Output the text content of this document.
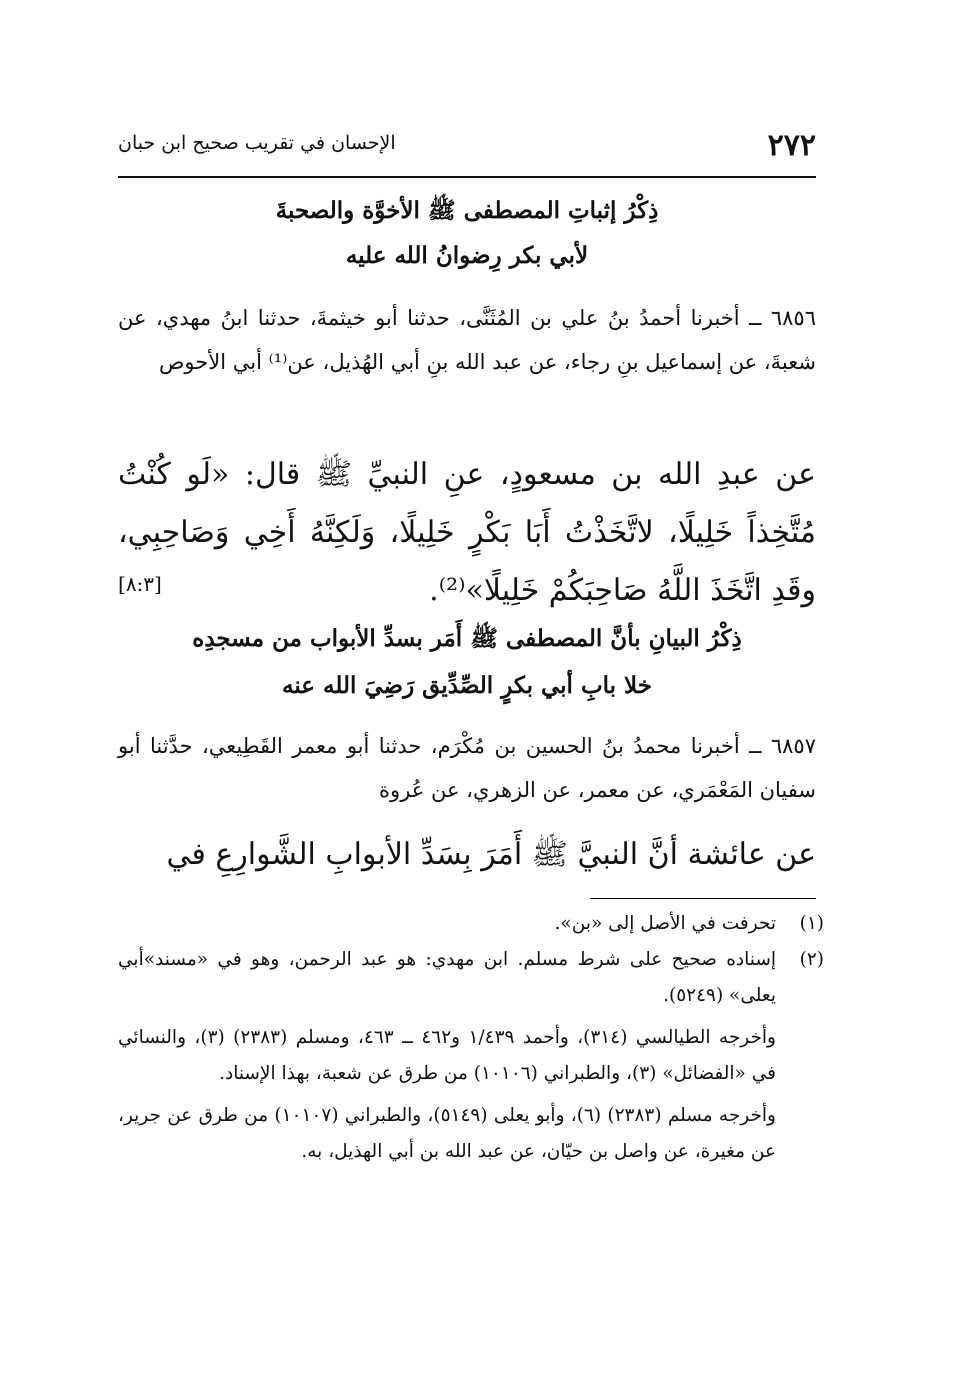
٢٧٢
الإحسان في تقريب صحيح ابن حبان
ذِكْرُ إثباتِ المصطفى ﷺ الأخوَّة والصحبةَ
لأبي بكر رِضوانُ الله عليه
٦٨٥٦ ــ أخبرنا أحمدُ بنُ علي بن المُثَنَّى، حدثنا أبو خيثمةَ، حدثنا ابنُ مهدي، عن شعبةَ، عن إسماعيل بنِ رجاء، عن عبد الله بنِ أبي الهُذيل، عن⁽¹⁾ أبي الأحوص
عن عبدِ الله بن مسعودٍ، عنِ النبيِّ ﷺ قال: «لَو كُنْتُ مُتَّخِذاً خَلِيلًا، لاتَّخَذْتُ أَبَا بَكْرٍ خَلِيلًا، وَلَكِنَّهُ أَخِي وَصَاحِبِي، وقَدِ اتَّخَذَ اللَّهُ صَاحِبَكُمْ خَلِيلًا»⁽²⁾.
[٨:٣]
ذِكْرُ البيانِ بأنَّ المصطفى ﷺ أَمَر بسدِّ الأبواب من مسجدِه
خلا بابِ أبي بكرٍ الصِّدِّيق رَضِيَ الله عنه
٦٨٥٧ ــ أخبرنا محمدُ بنُ الحسين بن مُكْرَم، حدثنا أبو معمر القَطِيعي، حدَّثنا أبو سفيان المَعْمَري، عن معمر، عن الزهري، عن عُروة
عن عائشة أنَّ النبيَّ ﷺ أَمَرَ بِسَدِّ الأبوابِ الشَّوارِعِ في
(١)
تحرفت في الأصل إلى «بن».
(٢)
إسناده صحيح على شرط مسلم. ابن مهدي: هو عبد الرحمن، وهو في «مسند»أبي يعلى» (٥٢٤٩).
وأخرجه الطيالسي (٣١٤)، وأحمد ١/٤٣٩ و٤٦٢ ــ ٤٦٣، ومسلم (٢٣٨٣) (٣)، والنسائي في «الفضائل» (٣)، والطبراني (١٠١٠٦) من طرق عن شعبة، بهذا الإسناد.
وأخرجه مسلم (٢٣٨٣) (٦)، وأبو يعلى (٥١٤٩)، والطبراني (١٠١٠٧) من طرق عن جرير، عن مغيرة، عن واصل بن حيّان، عن عبد الله بن أبي الهذيل، به.
